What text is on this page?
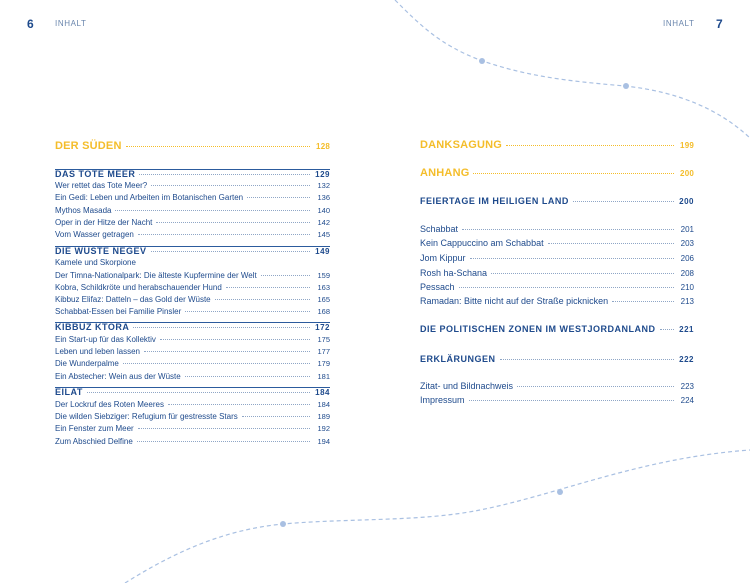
6	INHALT	INHALT 7
DER SÜDEN	128
DAS TOTE MEER	129
Wer rettet das Tote Meer?	132
Ein Gedi: Leben und Arbeiten im Botanischen Garten	136
Mythos Masada	140
Oper in der Hitze der Nacht	142
Vom Wasser getragen	145
DIE WÜSTE NEGEV	149
Kamele und Skorpione
Der Timna-Nationalpark: Die älteste Kupfermine der Welt	159
Kobra, Schildkröte und herabschauender Hund	163
Kibbuz Elifaz: Datteln – das Gold der Wüste	165
Schabbat-Essen bei Familie Pinsler	168
KIBBUZ KTORA	172
Ein Start-up für das Kollektiv	175
Leben und leben lassen	177
Die Wunderpalme	179
Ein Abstecher: Wein aus der Wüste	181
EILAT	184
Der Lockruf des Roten Meeres	184
Die wilden Siebziger: Refugium für gestresste Stars	189
Ein Fenster zum Meer	192
Zum Abschied Delfine	194
DANKSAGUNG	199
ANHANG	200
FEIERTAGE IM HEILIGEN LAND	200
Schabbat	201
Kein Cappuccino am Schabbat	203
Jom Kippur	206
Rosh ha-Schana	208
Pessach	210
Ramadan: Bitte nicht auf der Straße picknicken	213
DIE POLITISCHEN ZONEN IM WESTJORDANLAND	221
ERKLÄRUNGEN	222
Zitat- und Bildnachweis	223
Impressum	224
